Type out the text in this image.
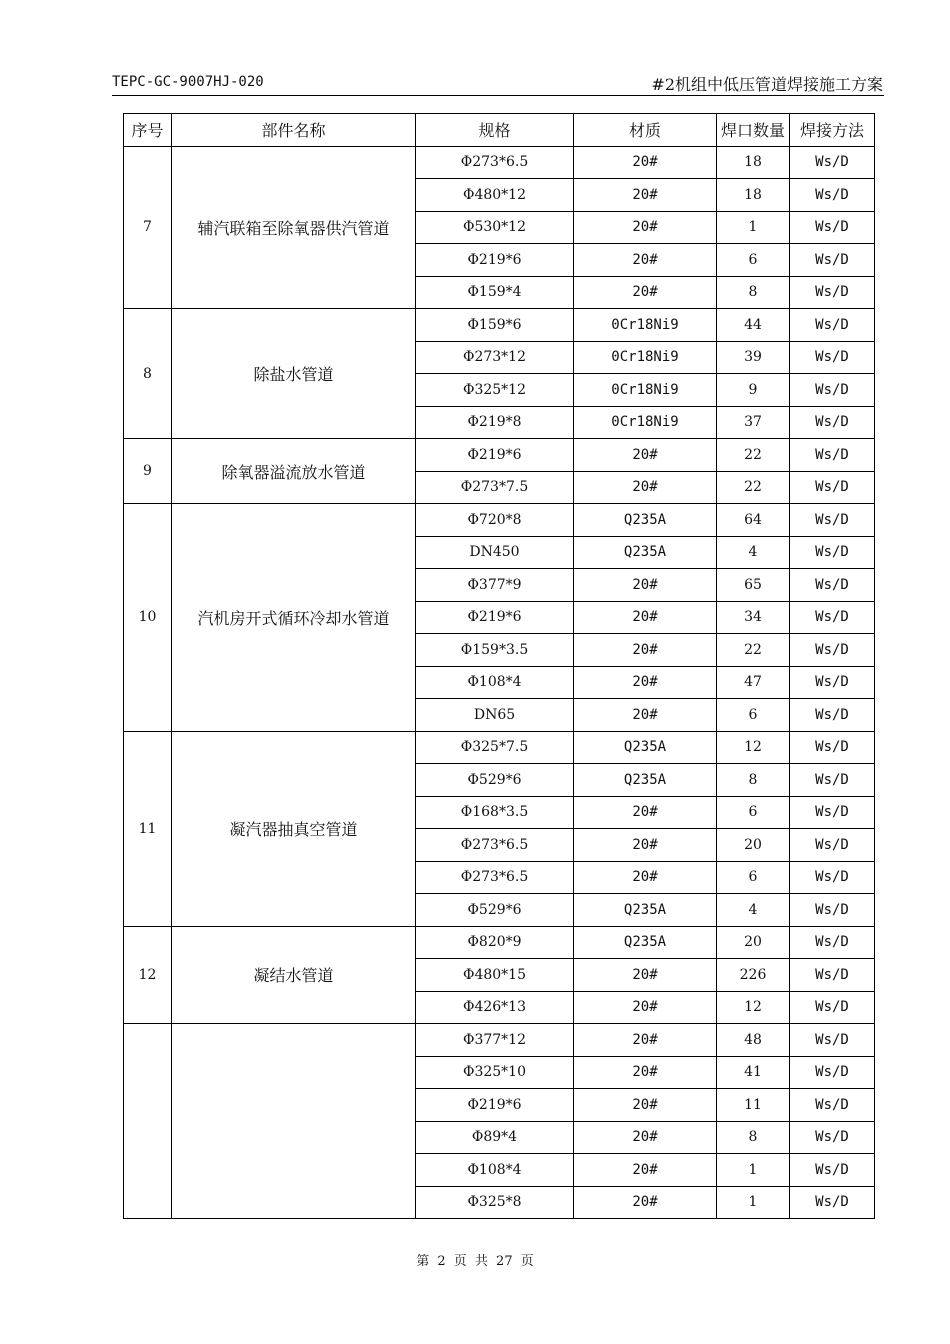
TEPC-GC-9007HJ-020	#2机组中低压管道焊接施工方案
序号	部件名称	规格	材质	焊口数量	焊接方法
7	辅汽联箱至除氧器供汽管道	Φ273*6.5	20#	18	Ws/D
		Φ480*12	20#	18	Ws/D
		Φ530*12	20#	1	Ws/D
		Φ219*6	20#	6	Ws/D
		Φ159*4	20#	8	Ws/D
8	除盐水管道	Φ159*6	0Cr18Ni9	44	Ws/D
		Φ273*12	0Cr18Ni9	39	Ws/D
		Φ325*12	0Cr18Ni9	9	Ws/D
		Φ219*8	0Cr18Ni9	37	Ws/D
9	除氧器溢流放水管道	Φ219*6	20#	22	Ws/D
		Φ273*7.5	20#	22	Ws/D
10	汽机房开式循环冷却水管道	Φ720*8	Q235A	64	Ws/D
		DN450	Q235A	4	Ws/D
		Φ377*9	20#	65	Ws/D
		Φ219*6	20#	34	Ws/D
		Φ159*3.5	20#	22	Ws/D
		Φ108*4	20#	47	Ws/D
		DN65	20#	6	Ws/D
11	凝汽器抽真空管道	Φ325*7.5	Q235A	12	Ws/D
		Φ529*6	Q235A	8	Ws/D
		Φ168*3.5	20#	6	Ws/D
		Φ273*6.5	20#	20	Ws/D
		Φ273*6.5	20#	6	Ws/D
		Φ529*6	Q235A	4	Ws/D
12	凝结水管道	Φ820*9	Q235A	20	Ws/D
		Φ480*15	20#	226	Ws/D
		Φ426*13	20#	12	Ws/D
		Φ377*12	20#	48	Ws/D
		Φ325*10	20#	41	Ws/D
		Φ219*6	20#	11	Ws/D
		Φ89*4	20#	8	Ws/D
		Φ108*4	20#	1	Ws/D
		Φ325*8	20#	1	Ws/D
第 2 页 共 27 页
